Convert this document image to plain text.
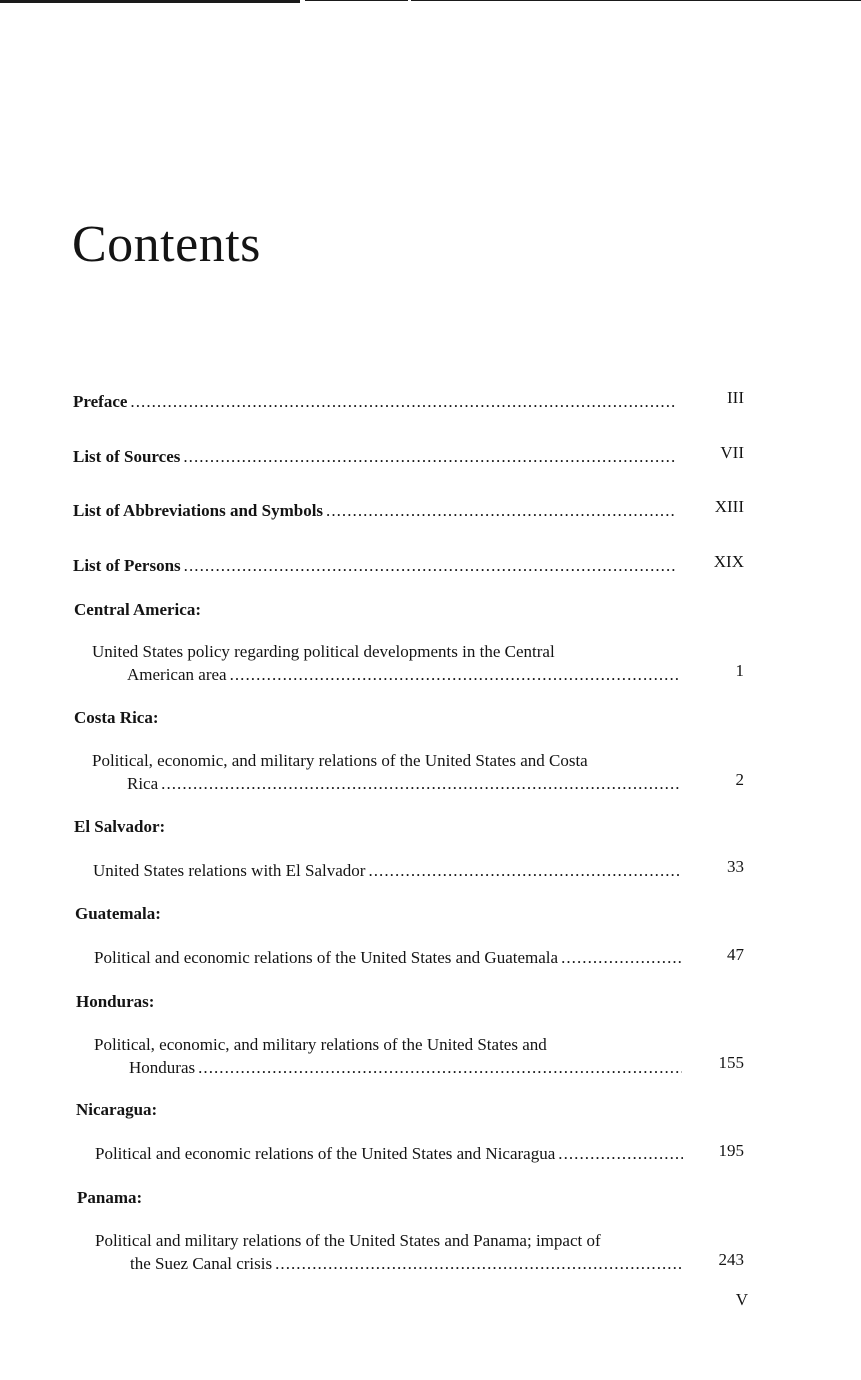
Contents
Preface . . .	III
List of Sources . . .	VII
List of Abbreviations and Symbols . . .	XIII
List of Persons . . .	XIX
Central America:
United States policy regarding political developments in the Central
American area . . .	1
Costa Rica:
Political, economic, and military relations of the United States and Costa
Rica . . .	2
El Salvador:
United States relations with El Salvador . . .	33
Guatemala:
Political and economic relations of the United States and Guatemala . . .	47
Honduras:
Political, economic, and military relations of the United States and
Honduras . . .	155
Nicaragua:
Political and economic relations of the United States and Nicaragua . . .	195
Panama:
Political and military relations of the United States and Panama; impact of
the Suez Canal crisis . . .	243
V
